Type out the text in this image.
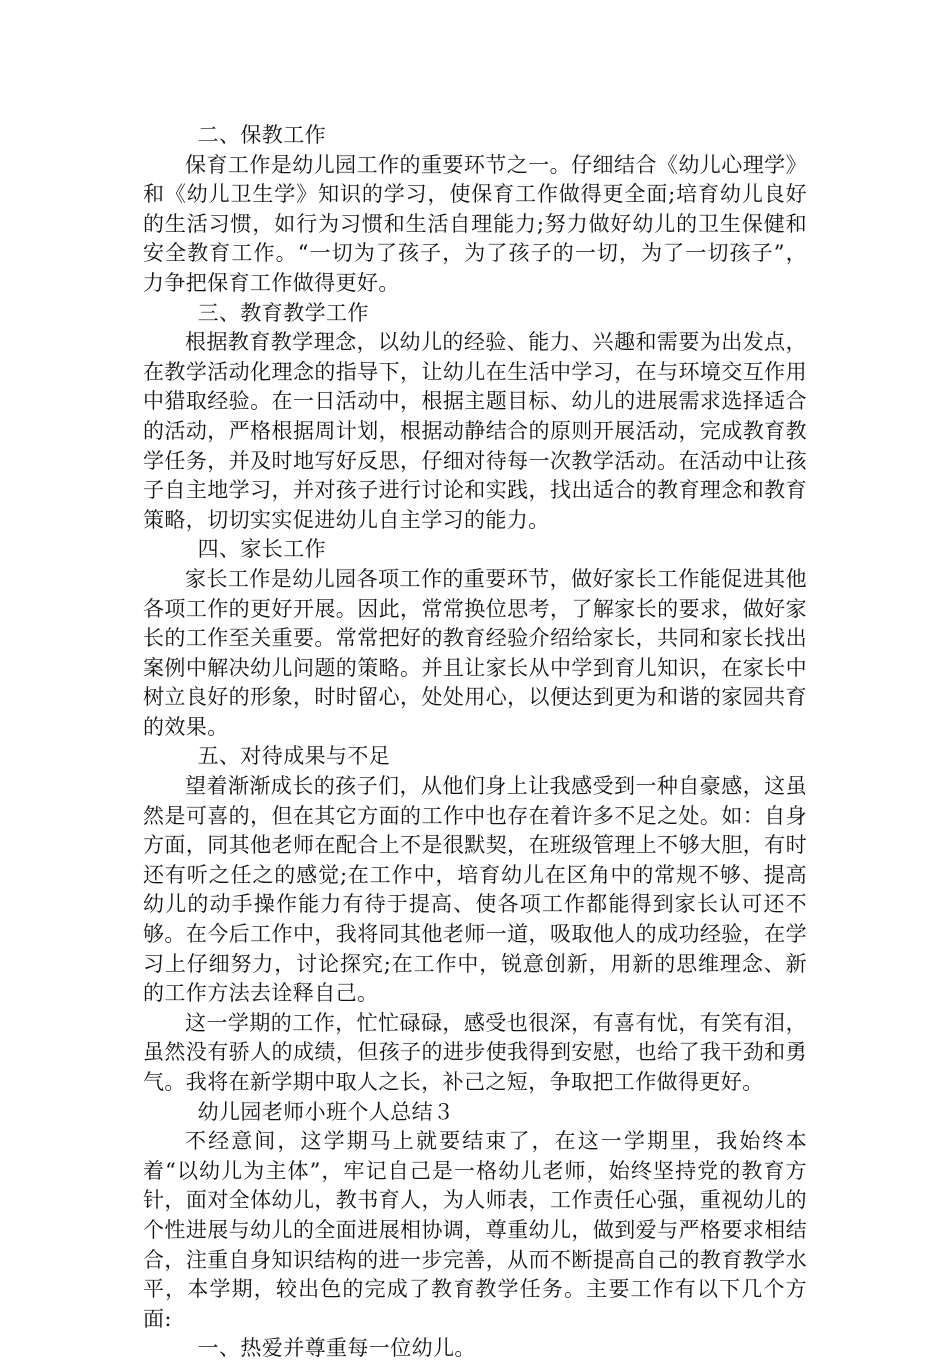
二、保教工作

保育工作是幼儿园工作的重要环节之一。仔细结合《幼儿心理学》和《幼儿卫生学》知识的学习，使保育工作做得更全面;培育幼儿良好的生活习惯，如行为习惯和生活自理能力;努力做好幼儿的卫生保健和安全教育工作。“一切为了孩子，为了孩子的一切，为了一切孩子”，力争把保育工作做得更好。

三、教育教学工作

根据教育教学理念，以幼儿的经验、能力、兴趣和需要为出发点，在教学活动化理念的指导下，让幼儿在生活中学习，在与环境交互作用中猎取经验。在一日活动中，根据主题目标、幼儿的进展需求选择适合的活动，严格根据周计划，根据动静结合的原则开展活动，完成教育教学任务，并及时地写好反思，仔细对待每一次教学活动。在活动中让孩子自主地学习，并对孩子进行讨论和实践，找出适合的教育理念和教育策略，切切实实促进幼儿自主学习的能力。

四、家长工作

家长工作是幼儿园各项工作的重要环节，做好家长工作能促进其他各项工作的更好开展。因此，常常换位思考，了解家长的要求，做好家长的工作至关重要。常常把好的教育经验介绍给家长，共同和家长找出案例中解决幼儿问题的策略。并且让家长从中学到育儿知识，在家长中树立良好的形象，时时留心，处处用心，以便达到更为和谐的家园共育的效果。

五、对待成果与不足

望着渐渐成长的孩子们，从他们身上让我感受到一种自豪感，这虽然是可喜的，但在其它方面的工作中也存在着许多不足之处。如：自身方面，同其他老师在配合上不是很默契，在班级管理上不够大胆，有时还有听之任之的感觉;在工作中，培育幼儿在区角中的常规不够、提高幼儿的动手操作能力有待于提高、使各项工作都能得到家长认可还不够。在今后工作中，我将同其他老师一道，吸取他人的成功经验，在学习上仔细努力，讨论探究;在工作中，锐意创新，用新的思维理念、新的工作方法去诠释自己。

这一学期的工作，忙忙碌碌，感受也很深，有喜有忧，有笑有泪，虽然没有骄人的成绩，但孩子的进步使我得到安慰，也给了我干劲和勇气。我将在新学期中取人之长，补己之短，争取把工作做得更好。

幼儿园老师小班个人总结３

不经意间，这学期马上就要结束了，在这一学期里，我始终本着“以幼儿为主体”，牢记自己是一格幼儿老师，始终坚持党的教育方针，面对全体幼儿，教书育人，为人师表，工作责任心强，重视幼儿的个性进展与幼儿的全面进展相协调，尊重幼儿，做到爱与严格要求相结合，注重自身知识结构的进一步完善，从而不断提高自己的教育教学水平，本学期，较出色的完成了教育教学任务。主要工作有以下几个方面:

一、热爱并尊重每一位幼儿。
